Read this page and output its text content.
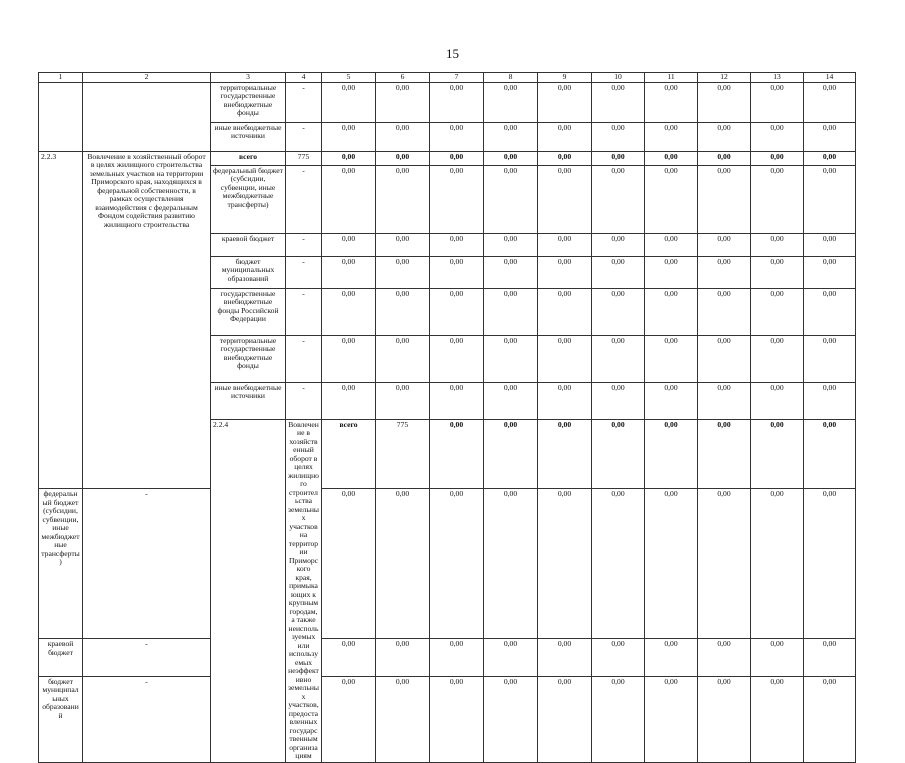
15
1	2	3	4	5	6	7	8	9	10	11	12	13	14	
		территориальные государственные внебюджетные фонды	-	0,00	0,00	0,00	0,00	0,00	0,00	0,00	0,00	0,00	0,00	
		иные внебюджетные источники	-	0,00	0,00	0,00	0,00	0,00	0,00	0,00	0,00	0,00	0,00	
2.2.3	Вовлечение в хозяйственный оборот в целях жилищного строительства земельных участков на территории Приморского края, находящихся в федеральной собственности, в рамках осуществления взаимодействия с федеральным Фондом содействия развитию жилищного строительства	всего	775	0,00	0,00	0,00	0,00	0,00	0,00	0,00	0,00	0,00	0,00	
		федеральный бюджет (субсидии, субвенции, иные межбюджетные трансферты)	-	0,00	0,00	0,00	0,00	0,00	0,00	0,00	0,00	0,00	0,00	
		краевой бюджет	-	0,00	0,00	0,00	0,00	0,00	0,00	0,00	0,00	0,00	0,00	
		бюджет муниципальных образований	-	0,00	0,00	0,00	0,00	0,00	0,00	0,00	0,00	0,00	0,00	
		государственные внебюджетные фонды Российской Федерации	-	0,00	0,00	0,00	0,00	0,00	0,00	0,00	0,00	0,00	0,00	
		территориальные государственные внебюджетные фонды	-	0,00	0,00	0,00	0,00	0,00	0,00	0,00	0,00	0,00	0,00	
		иные внебюджетные источники	-	0,00	0,00	0,00	0,00	0,00	0,00	0,00	0,00	0,00	0,00	
		2.2.4	Вовлечение в хозяйственный оборот в целях жилищного строительства земельных участков на территории Приморского края, примыкающих к крупным городам, а также неиспользуемых или используемых неэффективно земельных участков, предоставленных государственным организациям	всего	775	0,00	0,00	0,00	0,00	0,00	0,00	0,00	0,00		
федеральный бюджет (субсидии, субвенции, иные межбюджетные трансферты)	-			0,00	0,00	0,00	0,00	0,00	0,00	0,00	0,00	0,00	0,00	
краевой бюджет	-			0,00	0,00	0,00	0,00	0,00	0,00	0,00	0,00	0,00	0,00	
бюджет муниципальных образований	-			0,00	0,00	0,00	0,00	0,00	0,00	0,00	0,00	0,00	0,00	
